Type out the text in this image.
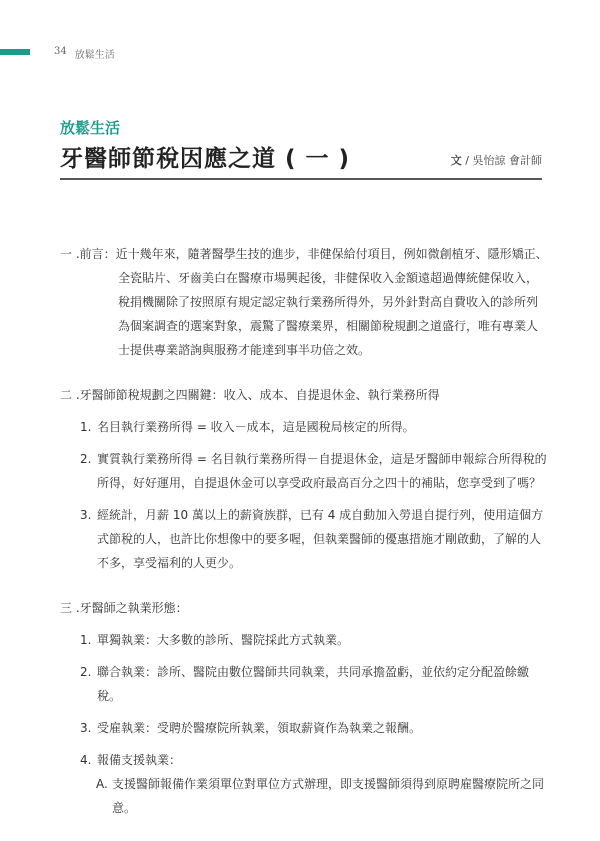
34 放鬆生活
放鬆生活
牙醫師節稅因應之道 ( 一 )	文 / 吳怡諒 會計師
一 . 前言： 近十幾年來，隨著醫學生技的進步，非健保給付項目，例如微創植牙、隱形矯正、
全瓷貼片、牙齒美白在醫療市場興起後，非健保收入金額遠超過傳統健保收入，
稅捐機關除了按照原有規定認定執行業務所得外，另外針對高自費收入的診所列
為個案調查的選案對象，震驚了醫療業界，相關節稅規劃之道盛行，唯有專業人
士提供專業諮詢與服務才能達到事半功倍之效。
二 . 牙醫師節稅規劃之四關鍵：收入、成本、自提退休金、執行業務所得
1. 名目執行業務所得 = 收入－成本，這是國稅局核定的所得。
2. 實質執行業務所得 = 名目執行業務所得－自提退休金，這是牙醫師申報綜合所得稅的所得，好好運用，自提退休金可以享受政府最高百分之四十的補貼，您享受到了嗎？
3. 經統計，月薪 10 萬以上的薪資族群，已有 4 成自動加入勞退自提行列，使用這個方式節稅的人，也許比你想像中的要多喔，但執業醫師的優惠措施才剛啟動，了解的人不多，享受福利的人更少。
三 . 牙醫師之執業形態：
1. 單獨執業：大多數的診所、醫院採此方式執業。
2. 聯合執業：診所、醫院由數位醫師共同執業，共同承擔盈虧，並依約定分配盈餘繳稅。
3. 受雇執業：受聘於醫療院所執業，領取薪資作為執業之報酬。
4. 報備支援執業：
A. 支援醫師報備作業須單位對單位方式辦理，即支援醫師須得到原聘雇醫療院所之同意。
